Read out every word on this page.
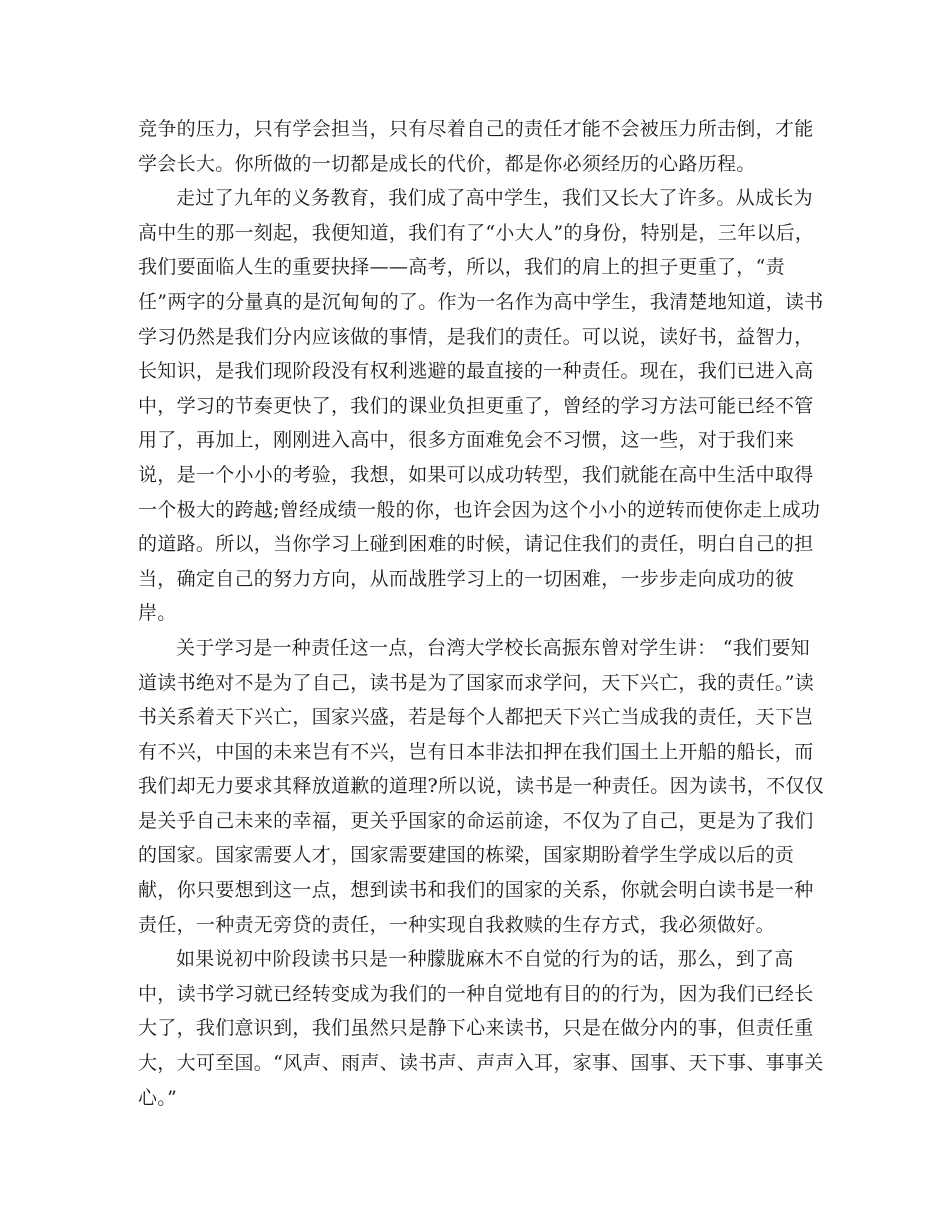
竞争的压力，只有学会担当，只有尽着自己的责任才能不会被压力所击倒，才能学会长大。你所做的一切都是成长的代价，都是你必须经历的心路历程。

走过了九年的义务教育，我们成了高中学生，我们又长大了许多。从成长为高中生的那一刻起，我便知道，我们有了“小大人”的身份，特别是，三年以后，我们要面临人生的重要抉择——高考，所以，我们的肩上的担子更重了，“责任”两字的分量真的是沉甸甸的了。作为一名作为高中学生，我清楚地知道，读书学习仍然是我们分内应该做的事情，是我们的责任。可以说，读好书，益智力，长知识，是我们现阶段没有权利逃避的最直接的一种责任。现在，我们已进入高中，学习的节奏更快了，我们的课业负担更重了，曾经的学习方法可能已经不管用了，再加上，刚刚进入高中，很多方面难免会不习惯，这一些，对于我们来说，是一个小小的考验，我想，如果可以成功转型，我们就能在高中生活中取得一个极大的跨越;曾经成绩一般的你，也许会因为这个小小的逆转而使你走上成功的道路。所以，当你学习上碰到困难的时候，请记住我们的责任，明白自己的担当，确定自己的努力方向，从而战胜学习上的一切困难，一步步走向成功的彼岸。

关于学习是一种责任这一点，台湾大学校长高振东曾对学生讲： “我们要知道读书绝对不是为了自己，读书是为了国家而求学问，天下兴亡，我的责任。”读书关系着天下兴亡，国家兴盛，若是每个人都把天下兴亡当成我的责任，天下岂有不兴，中国的未来岂有不兴，岂有日本非法扣押在我们国土上开船的船长，而我们却无力要求其释放道歉的道理?所以说，读书是一种责任。因为读书，不仅仅是关乎自己未来的幸福，更关乎国家的命运前途，不仅为了自己，更是为了我们的国家。国家需要人才，国家需要建国的栋梁，国家期盼着学生学成以后的贡献，你只要想到这一点，想到读书和我们的国家的关系，你就会明白读书是一种责任，一种责无旁贷的责任，一种实现自我救赎的生存方式，我必须做好。

如果说初中阶段读书只是一种朦胧麻木不自觉的行为的话，那么，到了高中，读书学习就已经转变成为我们的一种自觉地有目的的行为，因为我们已经长大了，我们意识到，我们虽然只是静下心来读书，只是在做分内的事，但责任重大，大可至国。“风声、雨声、读书声、声声入耳，家事、国事、天下事、事事关心。”
